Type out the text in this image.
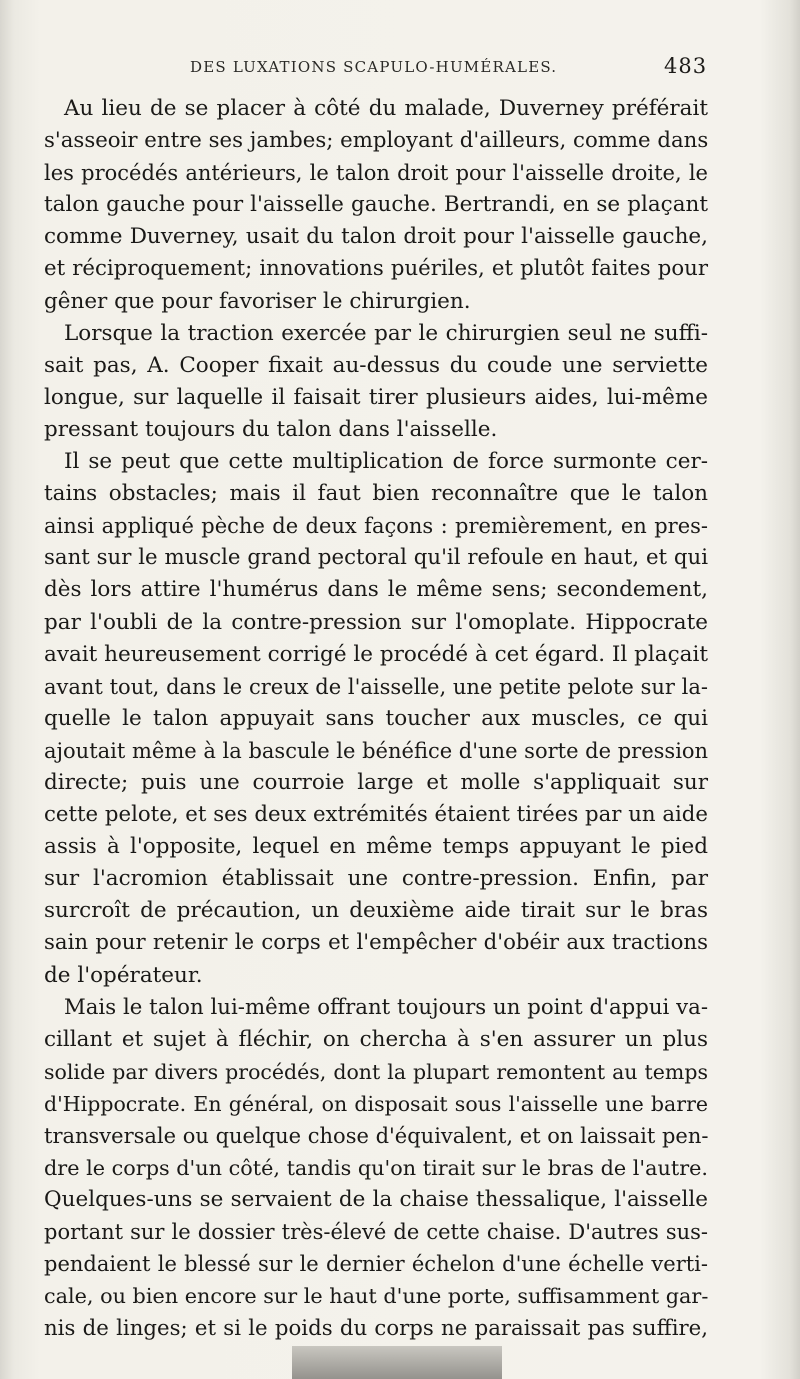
DES LUXATIONS SCAPULO-HUMÉRALES.	483
Au lieu de se placer à côté du malade, Duverney préférait
s'asseoir entre ses jambes; employant d'ailleurs, comme dans
les procédés antérieurs, le talon droit pour l'aisselle droite, le
talon gauche pour l'aisselle gauche. Bertrandi, en se plaçant
comme Duverney, usait du talon droit pour l'aisselle gauche,
et réciproquement; innovations puériles, et plutôt faites pour
gêner que pour favoriser le chirurgien.
Lorsque la traction exercée par le chirurgien seul ne suffi-
sait pas, A. Cooper fixait au-dessus du coude une serviette
longue, sur laquelle il faisait tirer plusieurs aides, lui-même
pressant toujours du talon dans l'aisselle.
Il se peut que cette multiplication de force surmonte cer-
tains obstacles; mais il faut bien reconnaître que le talon
ainsi appliqué pèche de deux façons : premièrement, en pres-
sant sur le muscle grand pectoral qu'il refoule en haut, et qui
dès lors attire l'humérus dans le même sens; secondement,
par l'oubli de la contre-pression sur l'omoplate. Hippocrate
avait heureusement corrigé le procédé à cet égard. Il plaçait
avant tout, dans le creux de l'aisselle, une petite pelote sur la-
quelle le talon appuyait sans toucher aux muscles, ce qui
ajoutait même à la bascule le bénéfice d'une sorte de pression
directe; puis une courroie large et molle s'appliquait sur
cette pelote, et ses deux extrémités étaient tirées par un aide
assis à l'opposite, lequel en même temps appuyant le pied
sur l'acromion établissait une contre-pression. Enfin, par
surcroît de précaution, un deuxième aide tirait sur le bras
sain pour retenir le corps et l'empêcher d'obéir aux tractions
de l'opérateur.
Mais le talon lui-même offrant toujours un point d'appui va-
cillant et sujet à fléchir, on chercha à s'en assurer un plus
solide par divers procédés, dont la plupart remontent au temps
d'Hippocrate. En général, on disposait sous l'aisselle une barre
transversale ou quelque chose d'équivalent, et on laissait pen-
dre le corps d'un côté, tandis qu'on tirait sur le bras de l'autre.
Quelques-uns se servaient de la chaise thessalique, l'aisselle
portant sur le dossier très-élevé de cette chaise. D'autres sus-
pendaient le blessé sur le dernier échelon d'une échelle verti-
cale, ou bien encore sur le haut d'une porte, suffisamment gar-
nis de linges; et si le poids du corps ne paraissait pas suffire,
